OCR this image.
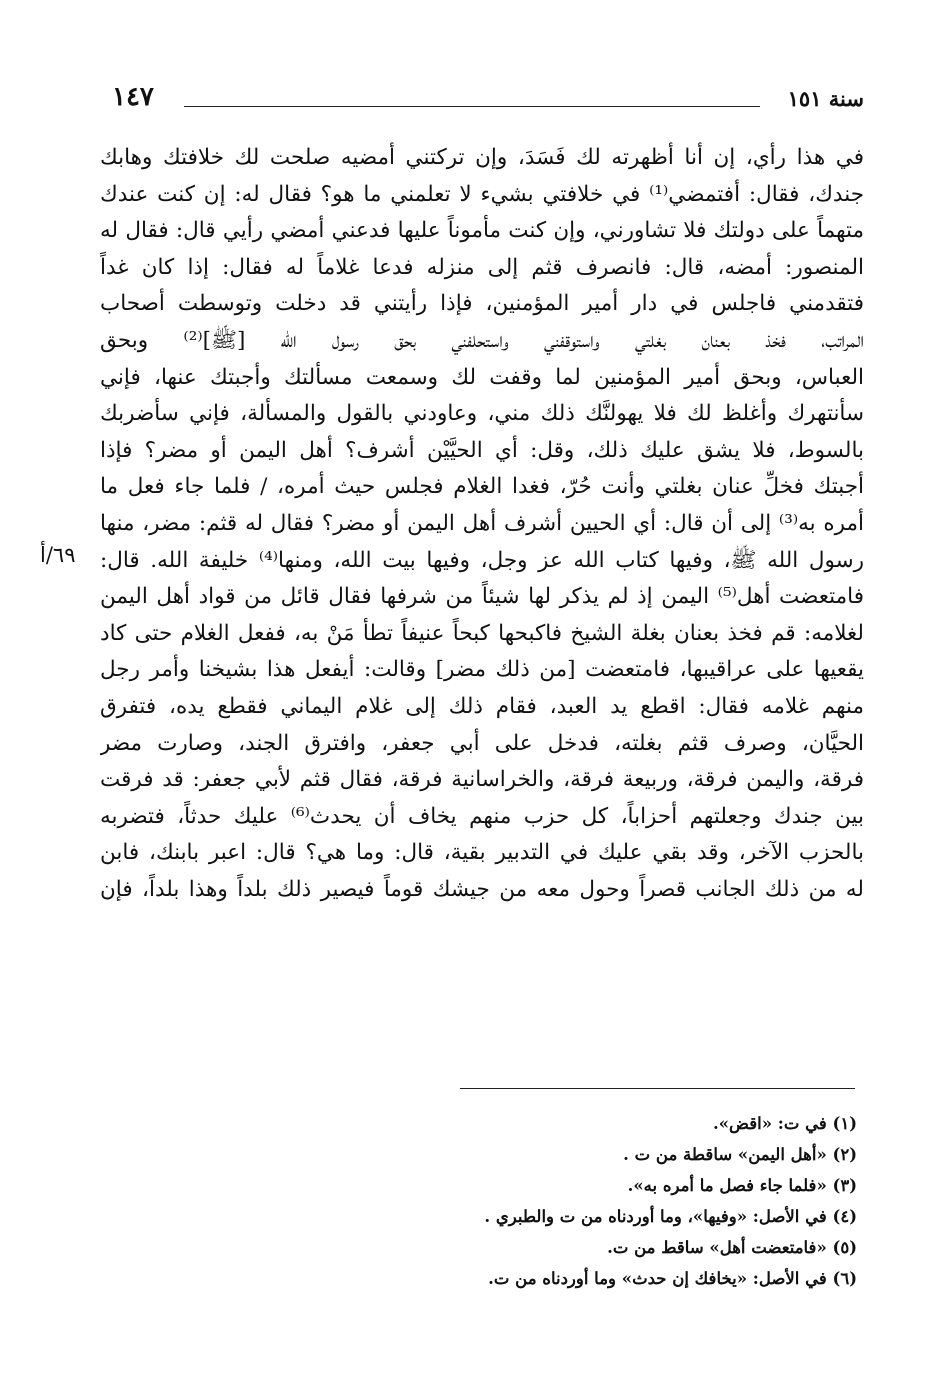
سنة ١٥١
١٤٧
٦٩/أ
في هذا رأي، إن أنا أظهرته لك فَسَدَ، وإن تركتني أمضيه صلحت لك خلافتك وهابك
جندك، فقال: أفتمضي⁽¹⁾ في خلافتي بشيء لا تعلمني ما هو؟ فقال له: إن كنت عندك
متهماً على دولتك فلا تشاورني، وإن كنت مأموناً عليها فدعني أمضي رأيي قال: فقال له
المنصور: أمضه، قال: فانصرف قثم إلى منزله فدعا غلاماً له فقال: إذا كان غداً
فتقدمني فاجلس في دار أمير المؤمنين، فإذا رأيتني قد دخلت وتوسطت أصحاب
المراتب، فخذ بعنان بغلتي واستوقفني واستحلفني بحق رسول الله [ﷺ]⁽²⁾ وبحق
العباس، وبحق أمير المؤمنين لما وقفت لك وسمعت مسألتك وأجبتك عنها، فإني
سأنتهرك وأغلظ لك فلا يهولنَّك ذلك مني، وعاودني بالقول والمسألة، فإني سأضربك
بالسوط، فلا يشق عليك ذلك، وقل: أي الحيَّيْن أشرف؟ أهل اليمن أو مضر؟ فإذا
أجبتك فخلِّ عنان بغلتي وأنت حُرّ، فغدا الغلام فجلس حيث أمره، / فلما جاء فعل ما
أمره به⁽³⁾ إلى أن قال: أي الحيين أشرف أهل اليمن أو مضر؟ فقال له قثم: مضر، منها
رسول الله ﷺ، وفيها كتاب الله عز وجل، وفيها بيت الله، ومنها⁽⁴⁾ خليفة الله. قال:
فامتعضت أهل⁽⁵⁾ اليمن إذ لم يذكر لها شيئاً من شرفها فقال قائل من قواد أهل اليمن
لغلامه: قم فخذ بعنان بغلة الشيخ فاكبحها كبحاً عنيفاً تطأ مَنْ به، ففعل الغلام حتى كاد
يقعيها على عراقيبها، فامتعضت [من ذلك مضر] وقالت: أيفعل هذا بشيخنا وأمر رجل
منهم غلامه فقال: اقطع يد العبد، فقام ذلك إلى غلام اليماني فقطع يده، فتفرق
الحيَّان، وصرف قثم بغلته، فدخل على أبي جعفر، وافترق الجند، وصارت مضر
فرقة، واليمن فرقة، وربيعة فرقة، والخراسانية فرقة، فقال قثم لأبي جعفر: قد فرقت
بين جندك وجعلتهم أحزاباً، كل حزب منهم يخاف أن يحدث⁽⁶⁾ عليك حدثاً، فتضربه
بالحزب الآخر، وقد بقي عليك في التدبير بقية، قال: وما هي؟ قال: اعبر بابنك، فابن
له من ذلك الجانب قصراً وحول معه من جيشك قوماً فيصير ذلك بلداً وهذا بلداً، فإن
(١) في ت: «اقض».
(٢) «أهل اليمن» ساقطة من ت .
(٣) «فلما جاء فصل ما أمره به».
(٤) في الأصل: «وفيها»، وما أوردناه من ت والطبري .
(٥) «فامتعضت أهل» ساقط من ت.
(٦) في الأصل: «يخافك إن حدث» وما أوردناه من ت.
